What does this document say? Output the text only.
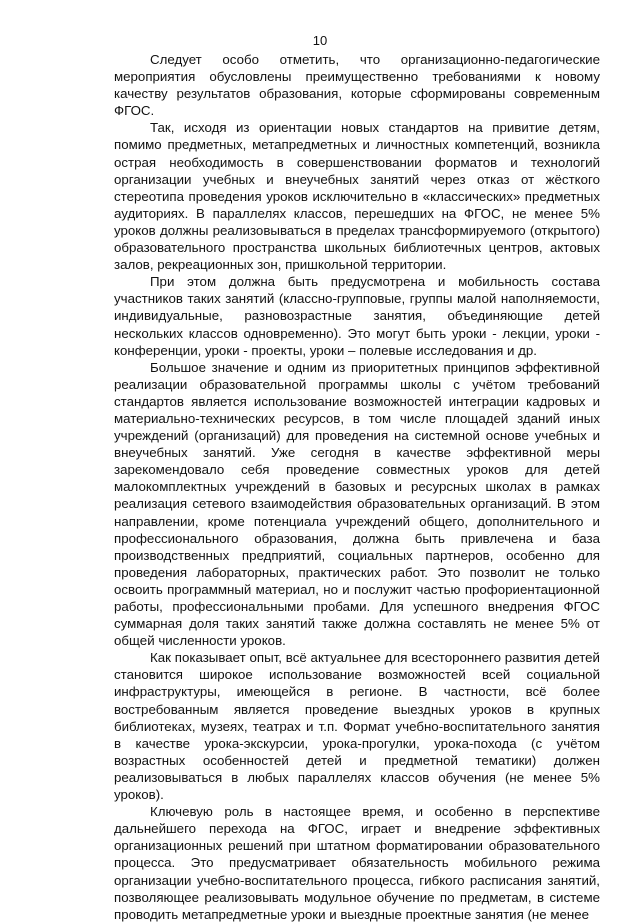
10

Следует особо отметить, что организационно-педагогические мероприятия обусловлены преимущественно требованиями к новому качеству результатов образования, которые сформированы современным ФГОС.

Так, исходя из ориентации новых стандартов на привитие детям, помимо предметных, метапредметных и личностных компетенций, возникла острая необходимость в совершенствовании форматов и технологий организации учебных и внеучебных занятий через отказ от жёсткого стереотипа проведения уроков исключительно в «классических» предметных аудиториях. В параллелях классов, перешедших на ФГОС, не менее 5% уроков должны реализовываться в пределах трансформируемого (открытого) образовательного пространства школьных библиотечных центров, актовых залов, рекреационных зон, пришкольной территории.

При этом должна быть предусмотрена и мобильность состава участников таких занятий (классно-групповые, группы малой наполняемости, индивидуальные, разновозрастные занятия, объединяющие детей нескольких классов одновременно). Это могут быть уроки - лекции, уроки - конференции, уроки - проекты, уроки – полевые исследования и др.

Большое значение и одним из приоритетных принципов эффективной реализации образовательной программы школы с учётом требований стандартов является использование возможностей интеграции кадровых и материально-технических ресурсов, в том числе площадей зданий иных учреждений (организаций) для проведения на системной основе учебных и внеучебных занятий. Уже сегодня в качестве эффективной меры зарекомендовало себя проведение совместных уроков для детей малокомплектных учреждений в базовых и ресурсных школах в рамках реализация сетевого взаимодействия образовательных организаций. В этом направлении, кроме потенциала учреждений общего, дополнительного и профессионального образования, должна быть привлечена и база производственных предприятий, социальных партнеров, особенно для проведения лабораторных, практических работ. Это позволит не только освоить программный материал, но и послужит частью профориентационной работы, профессиональными пробами. Для успешного внедрения ФГОС суммарная доля таких занятий также должна составлять не менее 5% от общей численности уроков.

Как показывает опыт, всё актуальнее для всестороннего развития детей становится широкое использование возможностей всей социальной инфраструктуры, имеющейся в регионе. В частности, всё более востребованным является проведение выездных уроков в крупных библиотеках, музеях, театрах и т.п. Формат учебно-воспитательного занятия в качестве урока-экскурсии, урока-прогулки, урока-похода (с учётом возрастных особенностей детей и предметной тематики) должен реализовываться в любых параллелях классов обучения (не менее 5% уроков).

Ключевую роль в настоящее время, и особенно в перспективе дальнейшего перехода на ФГОС, играет и внедрение эффективных организационных решений при штатном форматировании образовательного процесса. Это предусматривает обязательность мобильного режима организации учебно-воспитательного процесса, гибкого расписания занятий, позволяющее реализовывать модульное обучение по предметам, в системе проводить метапредметные уроки и выездные проектные занятия (не менее
